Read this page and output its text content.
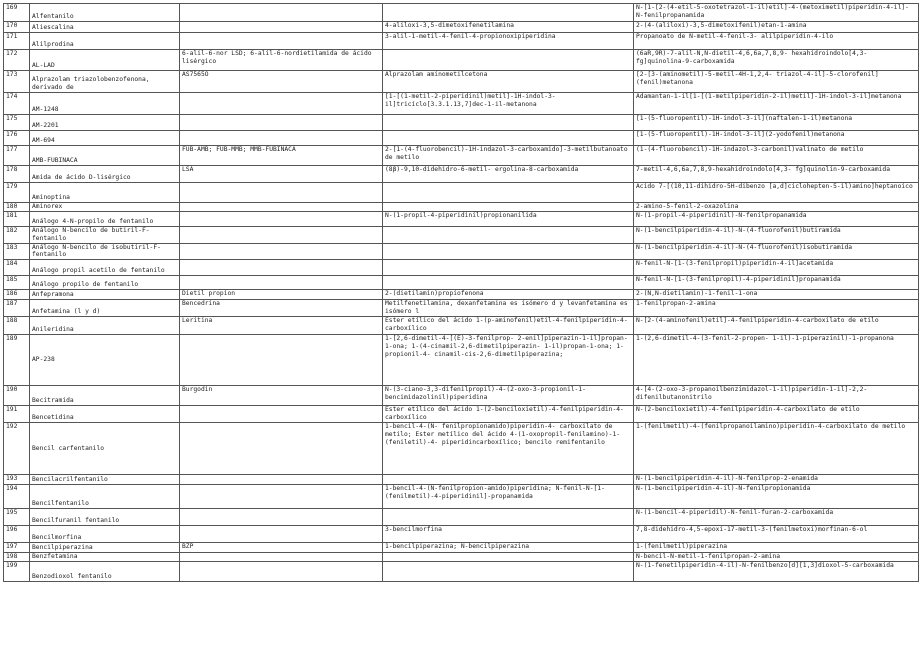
169	Alfentanilo			N-[1-[2-(4-etil-5-oxotetrazol-1-il)etil]-4-(metoximetil)piperidin-4-il]-N-fenilpropanamida
170	Aliescalina		4-aliloxi-3,5-dimetoxifenetilamina	2-(4-(aliloxi)-3,5-dimetoxifenil)etan-1-amina
171	Alilprodina		3-alil-1-metil-4-fenil-4-propionoxipiperidina	Propanoato de N-metil-4-fenil-3- alilpiperidin-4-ilo
172	AL-LAD	6-alil-6-nor LSD; 6-alil-6-nordietilamida de ácido lisérgico		(6aR,9R)-7-alil-N,N-dietil-4,6,6a,7,8,9- hexahidroindolo[4,3-fg]quinolina-9-carboxamida
173	Alprazolam triazolobenzofenona, derivado de	AS7565O	Alprazolam aminometilcetona	[2-[3-(aminometil)-5-metil-4H-1,2,4- triazol-4-il]-5-clorofenil](fenil)metanona
174	AM-1248		[1-[(1-metil-2-piperidinil)metil]-1H-indol-3-il]tricíclo[3.3.1.13,7]dec-1-il-metanona	Adamantan-1-il[1-[(1-metilpiperidin-2-il)metil]-1H-indol-3-il]metanona
175	AM-2201			[1-(5-fluoropentil)-1H-indol-3-il](naftalen-1-il)metanona
176	AM-694			[1-(5-fluoropentil)-1H-indol-3-il](2-yodofenil)metanona
177	AMB-FUBINACA	FUB-AMB; FUB-MMB; MMB-FUBINACA	2-[1-(4-fluorobencil)-1H-indazol-3-carboxamido]-3-metilbutanoato de metilo	(1-(4-fluorobencil)-1H-indazol-3-carbonil)valinato de metilo
178	Amida de ácido D-lisérgico	LSA	(8β)-9,10-didehidro-6-metil- ergolina-8-carboxamida	7-metil-4,6,6a,7,8,9-hexahidroindolo[4,3- fg]quinolin-9-carboxamida
179	Aminoptina			Ácido 7-[(10,11-dihidro-5H-dibenzo [a,d]ciclohepten-5-il)amino]heptanoico
180	Aminorex			2-amino-5-fenil-2-oxazolina
181	Análogo 4-N-propilo de fentanilo		N-(1-propil-4-piperidinil)propionanilida	N-(1-propil-4-piperidinil)-N-fenilpropanamida
182	Análogo N-bencilo de butiril-F-fentanilo			N-(1-bencilpiperidin-4-il)-N-(4-fluorofenil)butiramida
183	Análogo N-bencilo de isobutiril-F- fentanilo			N-(1-bencilpiperidin-4-il)-N-(4-fluorofenil)isobutiramida
184	Análogo propil acetilo de fentanilo			N-fenil-N-[1-(3-fenilpropil)piperidin-4-il]acetamida
185	Análogo propilo de fentanilo			N-fenil-N-[1-(3-fenilpropil)-4-piperidinil]propanamida
186	Anfepramona	Dietil propion	2-(dietilamin)propiofenona	2-(N,N-dietilamin)-1-fenil-1-ona
187	Anfetamina (l y d)	Bencedrina	Metilfenetilamina, dexanfetamina es isómero d y levanfetamina es isómero l	1-fenilpropan-2-amina
188	Anileridina	Leritina	Ester etílico del ácido 1-(p-aminofenil)etil-4-fenilpiperidin-4-carboxílico	N-[2-(4-aminofenil)etil]-4-fenilpiperidin-4-carboxilato de etilo
189	AP-238		1-[2,6-dimetil-4-[(E)-3-fenilprop- 2-enil]piperazin-1-il]propan-1-ona; 1-(4-cinamil-2,6-dimetilpiperazin- 1-il)propan-1-ona; 1-propionil-4- cinamil-cis-2,6-dimetilpiperazina;	1-(2,6-dimetil-4-(3-fenil-2-propen- 1-il)-1-piperazinil)-1-propanona
190	Becitramida	Burgodin	N-(3-ciano-3,3-difenilpropil)-4-(2-oxo-3-propionil-1-bencimidazolinil)piperidina	4-[4-(2-oxo-3-propanoilbenzimidazol-1-il)piperidin-1-il]-2,2-difenilbutanonitrilo
191	Bencetidina		Ester etílico del ácido 1-(2-benciloxietil)-4-fenilpiperidin-4-carboxílico	N-(2-benciloxietil)-4-fenilpiperidin-4-carboxilato de etilo
192	Bencil carfentanilo		1-bencil-4-(N- fenilpropionamido)piperidin-4- carboxilato de metilo; Ester metílico del ácido 4-(1-oxopropil-fenilamino)-1-(feniletil)-4- piperidincarboxílico; bencilo remifentanilo	1-(fenilmetil)-4-(fenilpropanoilamino)piperidin-4-carboxilato de metilo
193	Bencilacrilfentanilo			N-(1-bencilpiperidin-4-il)-N-fenilprop-2-enamida
194	Bencilfentanilo		1-bencil-4-(N-fenilpropion-amido)piperidina; N-fenil-N-[1-(fenilmetil)-4-piperidinil]-propanamida	N-(1-bencilpiperidin-4-il)-N-fenilpropionamida
195	Bencilfuranil fentanilo			N-(1-bencil-4-piperidil)-N-fenil-furan-2-carboxamida
196	Bencilmorfina		3-bencilmorfina	7,8-didehidro-4,5-epoxi-17-metil-3-(fenilmetoxi)morfinan-6-ol
197	Bencilpiperazina	BZP	1-bencilpiperazina; N-bencilpiperazina	1-(fenilmetil)piperazina
198	Benzfetamina			N-bencil-N-metil-1-fenilpropan-2-amina
199	Benzodioxol fentanilo			N-(1-fenetilpiperidin-4-il)-N-fenilbenzo[d][1,3]dioxol-5-carboxamida
